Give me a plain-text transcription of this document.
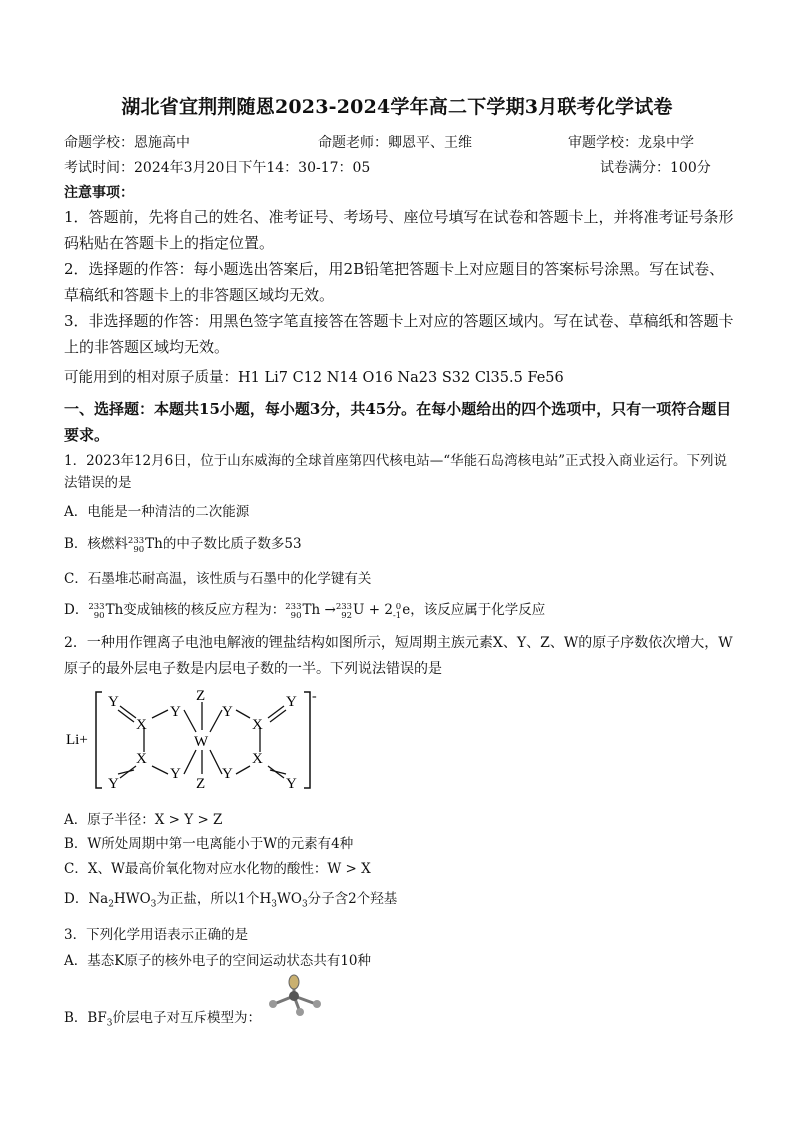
湖北省宜荆荆随恩2023-2024学年高二下学期3月联考化学试卷
命题学校：恩施高中	命题老师：卿恩平、王维	审题学校：龙泉中学
考试时间：2024年3月20日下午14：30-17：05	试卷满分：100分
注意事项：
1．答题前，先将自己的姓名、准考证号、考场号、座位号填写在试卷和答题卡上，并将准考证号条形码粘贴在答题卡上的指定位置。
2．选择题的作答：每小题选出答案后，用2B铅笔把答题卡上对应题目的答案标号涂黑。写在试卷、草稿纸和答题卡上的非答题区域均无效。
3．非选择题的作答：用黑色签字笔直接答在答题卡上对应的答题区域内。写在试卷、草稿纸和答题卡上的非答题区域均无效。
可能用到的相对原子质量：H1 Li7 C12 N14 O16 Na23 S32 Cl35.5 Fe56
一、选择题：本题共15小题，每小题3分，共45分。在每小题给出的四个选项中，只有一项符合题目要求。
1．2023年12月6日，位于山东威海的全球首座第四代核电站—“华能石岛湾核电站”正式投入商业运行。下列说法错误的是
A．电能是一种清洁的二次能源
B．核燃料 233
90 Th的中子数比质子数多53
C．石墨堆芯耐高温，该性质与石墨中的化学键有关
D． 233
90 Th变成铀核的核反应方程为： 233
90 Th → 233
92 U + 2 0
-1 e，该反应属于化学反应
2．一种用作锂离子电池电解液的锂盐结构如图所示，短周期主族元素X、Y、Z、W的原子序数依次增大，W原子的最外层电子数是内层电子数的一半。下列说法错误的是
Li+
-
Y
X
X
Y
Y
Y
Z
W
Z
Y
Y
X
X
Y
Y
A．原子半径：X > Y > Z
B．W所处周期中第一电离能小于W的元素有4种
C．X、W最高价氧化物对应水化物的酸性：W > X
D．$Na_2HWO_3$为正盐，所以1个$H_3WO_3$分子含2个羟基
3．下列化学用语表示正确的是
A．基态K原子的核外电子的空间运动状态共有10种
B．$BF_3$价层电子对互斥模型为：
